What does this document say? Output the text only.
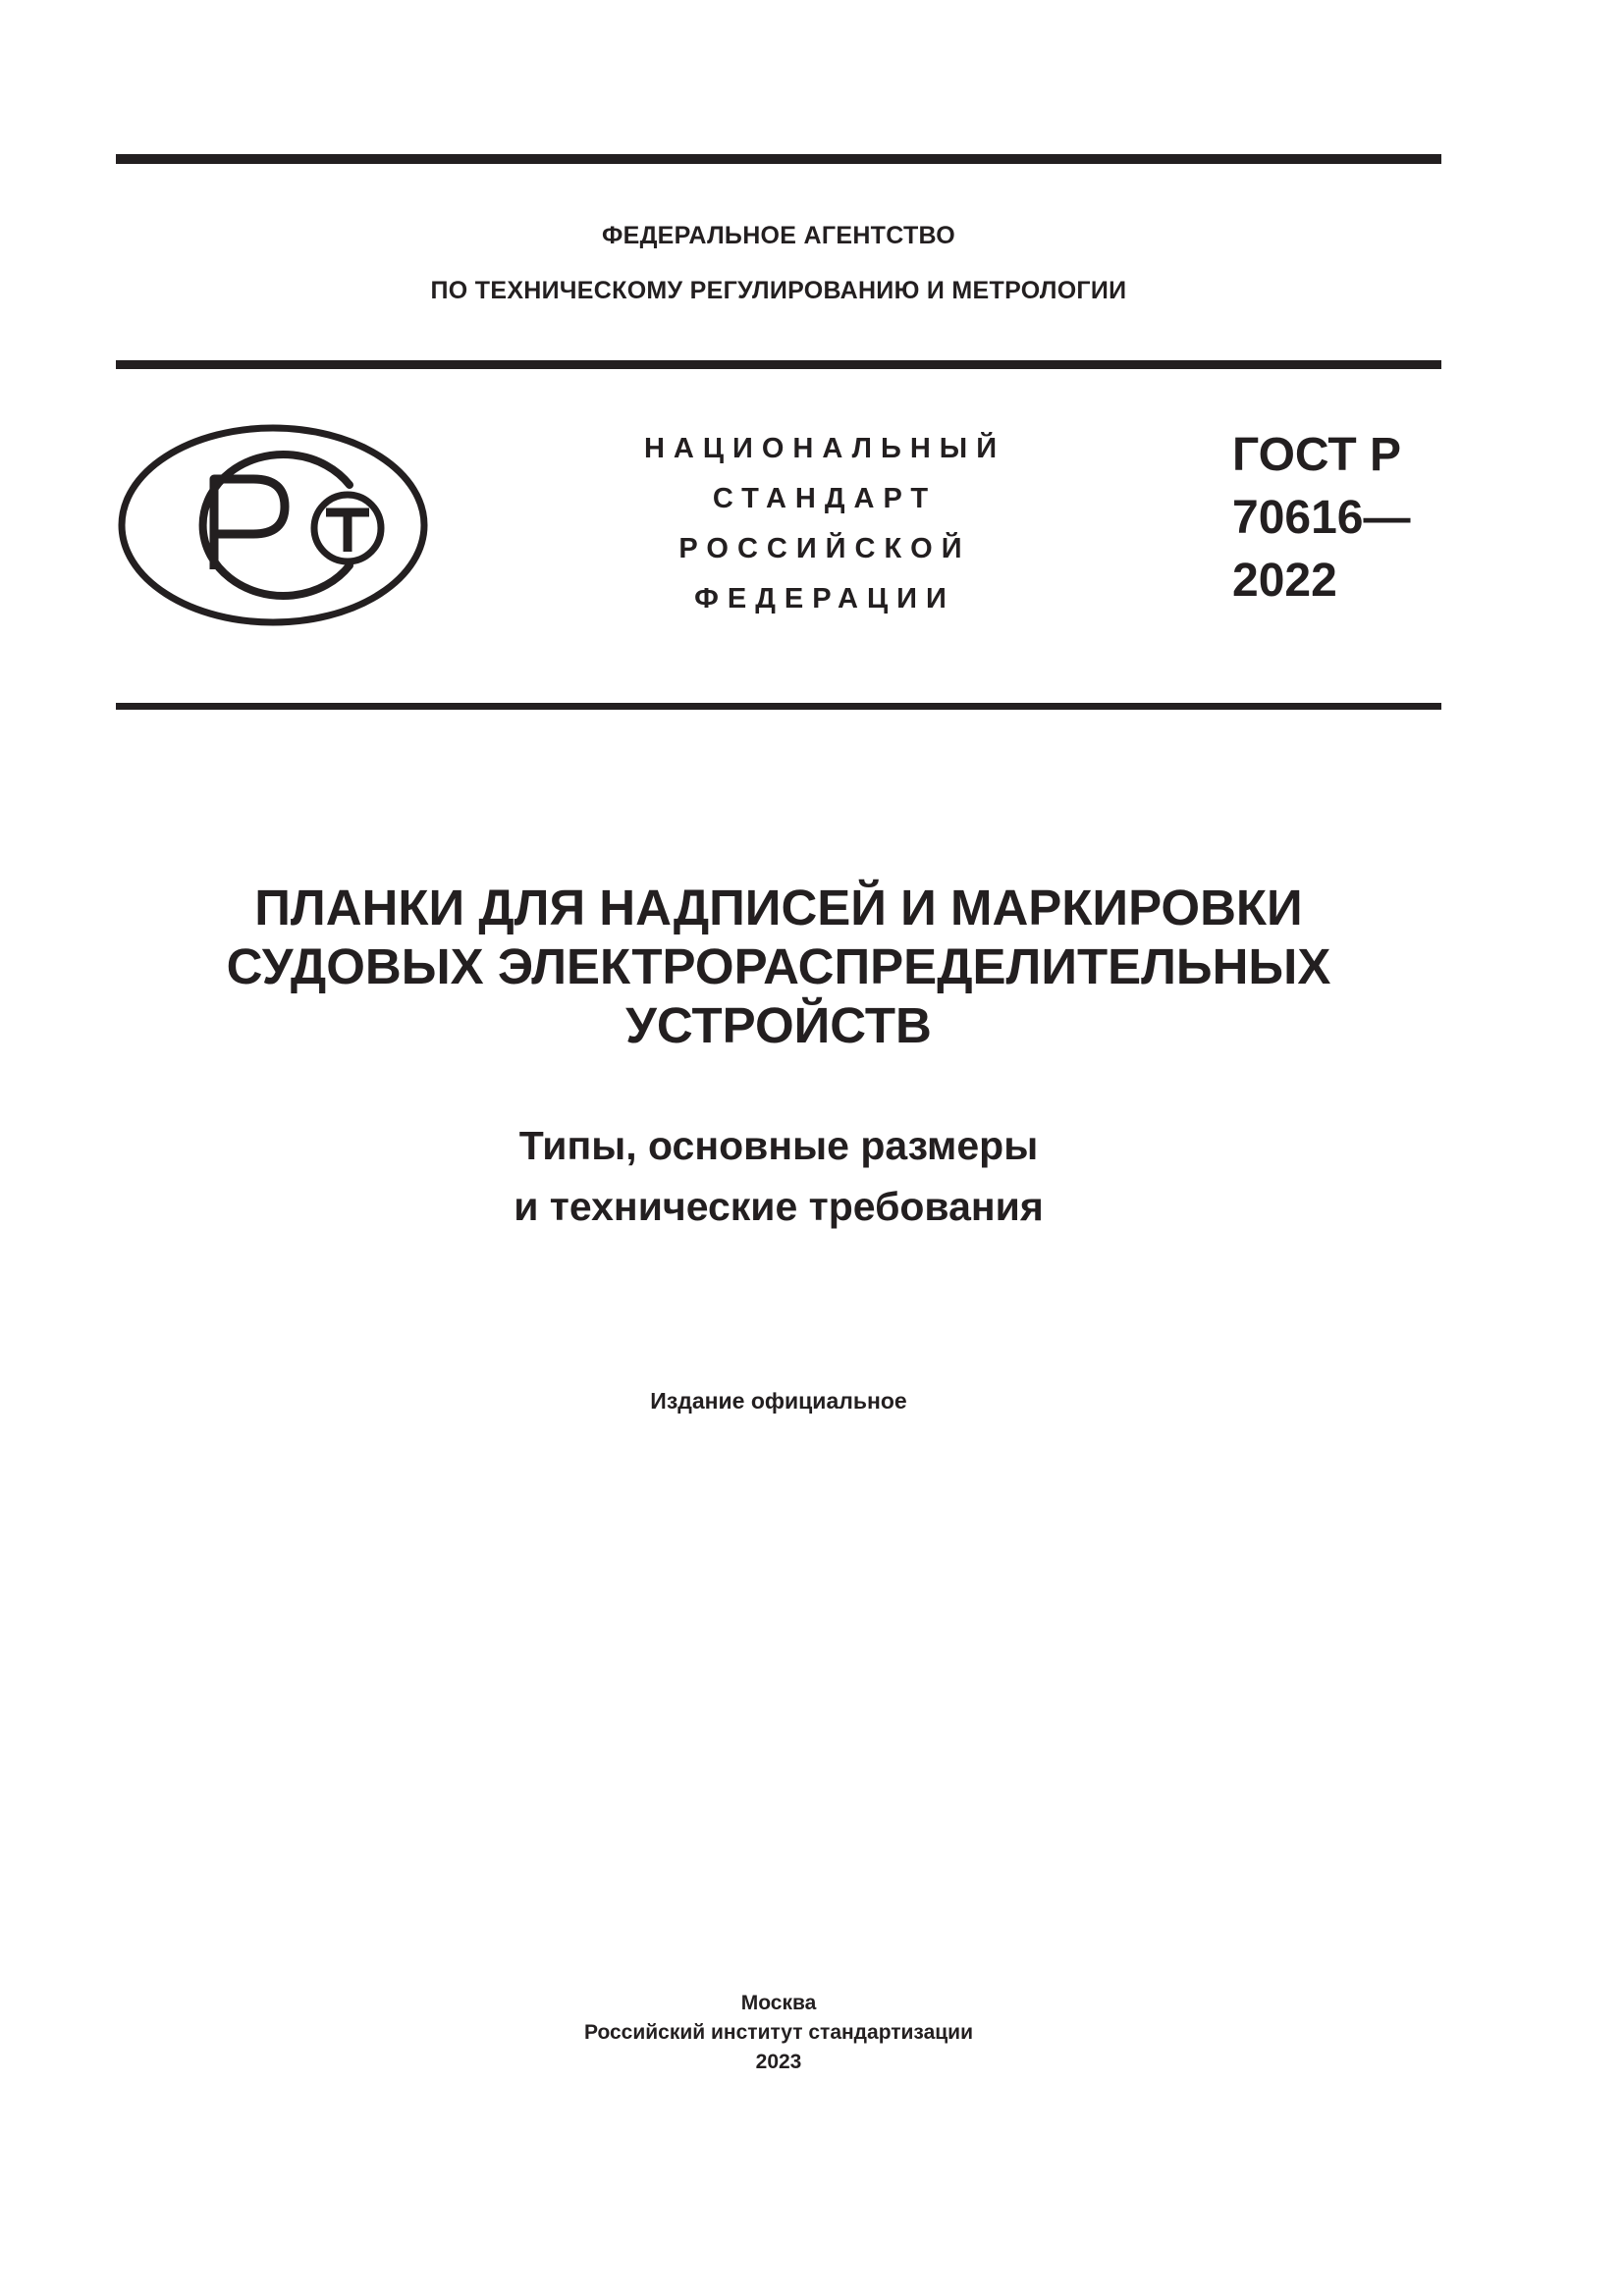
ФЕДЕРАЛЬНОЕ АГЕНТСТВО
ПО ТЕХНИЧЕСКОМУ РЕГУЛИРОВАНИЮ И МЕТРОЛОГИИ
НАЦИОНАЛЬНЫЙ
СТАНДАРТ
РОССИЙСКОЙ
ФЕДЕРАЦИИ
ГОСТ Р
70616—
2022
ПЛАНКИ ДЛЯ НАДПИСЕЙ И МАРКИРОВКИ
СУДОВЫХ ЭЛЕКТРОРАСПРЕДЕЛИТЕЛЬНЫХ
УСТРОЙСТВ
Типы, основные размеры
и технические требования
Издание официальное
Москва
Российский институт стандартизации
2023
